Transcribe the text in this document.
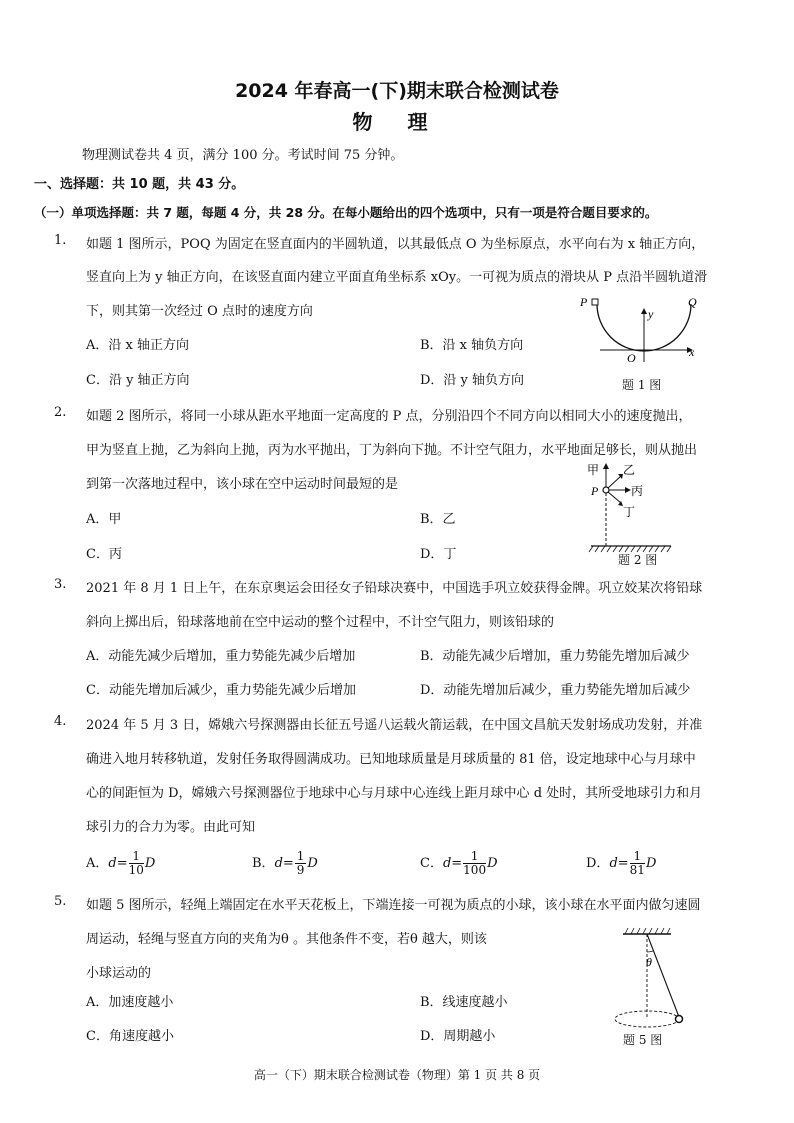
2024 年春高一(下)期末联合检测试卷
物 理
物理测试卷共 4 页，满分 100 分。考试时间 75 分钟。
一、选择题：共 10 题，共 43 分。
（一）单项选择题：共 7 题，每题 4 分，共 28 分。在每小题给出的四个选项中，只有一项是符合题目要求的。
1. 如题 1 图所示，POQ 为固定在竖直面内的半圆轨道，以其最低点 O 为坐标原点，水平向右为 x 轴正方向，
竖直向上为 y 轴正方向，在该竖直面内建立平面直角坐标系 xOy。一可视为质点的滑块从 P 点沿半圆轨道滑
下，则其第一次经过 O 点时的速度方向
A．沿 x 轴正方向	B．沿 x 轴负方向
C．沿 y 轴正方向	D．沿 y 轴负方向
P	Q
y
x
O
题 1 图
2. 如题 2 图所示，将同一小球从距水平地面一定高度的 P 点，分别沿四个不同方向以相同大小的速度抛出，
甲为竖直上抛，乙为斜向上抛，丙为水平抛出，丁为斜向下抛。不计空气阻力，水平地面足够长，则从抛出
到第一次落地过程中，该小球在空中运动时间最短的是
A．甲	B．乙
C．丙	D．丁
甲 乙
丙
丁
P
题 2 图
3. 2021 年 8 月 1 日上午，在东京奥运会田径女子铅球决赛中，中国选手巩立姣获得金牌。巩立姣某次将铅球
斜向上掷出后，铅球落地前在空中运动的整个过程中，不计空气阻力，则该铅球的
A．动能先减少后增加，重力势能先减少后增加	B．动能先减少后增加，重力势能先增加后减少
C．动能先增加后减少，重力势能先减少后增加	D．动能先增加后减少，重力势能先增加后减少
4. 2024 年 5 月 3 日，嫦娥六号探测器由长征五号遥八运载火箭运载，在中国文昌航天发射场成功发射，并准
确进入地月转移轨道，发射任务取得圆满成功。已知地球质量是月球质量的 81 倍，设定地球中心与月球中
心的间距恒为 D，嫦娥六号探测器位于地球中心与月球中心连线上距月球中心 d 处时，其所受地球引力和月
球引力的合力为零。由此可知
A．$d= \frac{1}{10}$ D	B．$d= \frac{1}{9}$ D	C．$d= \frac{1}{100}$ D	D．$d= \frac{1}{81}$ D
5. 如题 5 图所示，轻绳上端固定在水平天花板上，下端连接一可视为质点的小球，该小球在水平面内做匀速圆
周运动，轻绳与竖直方向的夹角为θ 。其他条件不变，若θ 越大，则该
小球运动的
A．加速度越小	B．线速度越小
C．角速度越小	D．周期越小
θ
题 5 图
高一（下）期末联合检测试卷（物理）第 1 页 共 8 页
